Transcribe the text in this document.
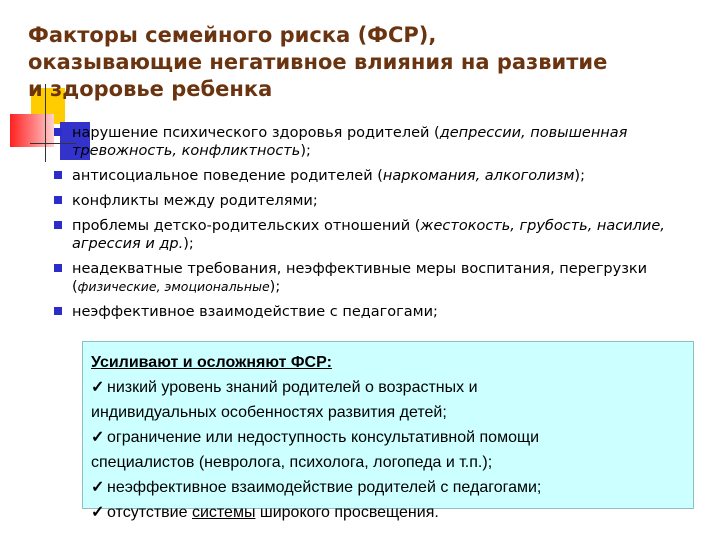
Факторы семейного риска (ФСР),
оказывающие негативное влияния на развитие
и здоровье ребенка
нарушение психического здоровья родителей (депрессии, повышенная тревожность, конфликтность);
антисоциальное поведение родителей (наркомания, алкоголизм);
конфликты между родителями;
проблемы детско-родительских отношений (жестокость, грубость, насилие, агрессия и др.);
неадекватные требования, неэффективные меры воспитания, перегрузки (физические, эмоциональные);
неэффективное взаимодействие с педагогами;
Усиливают и осложняют ФСР:
✓ низкий уровень знаний родителей о возрастных и
индивидуальных особенностях развития детей;
✓ ограничение или недоступность консультативной помощи
специалистов (невролога, психолога, логопеда и т.п.);
✓ неэффективное взаимодействие родителей с педагогами;
✓ отсутствие системы широкого просвещения.
